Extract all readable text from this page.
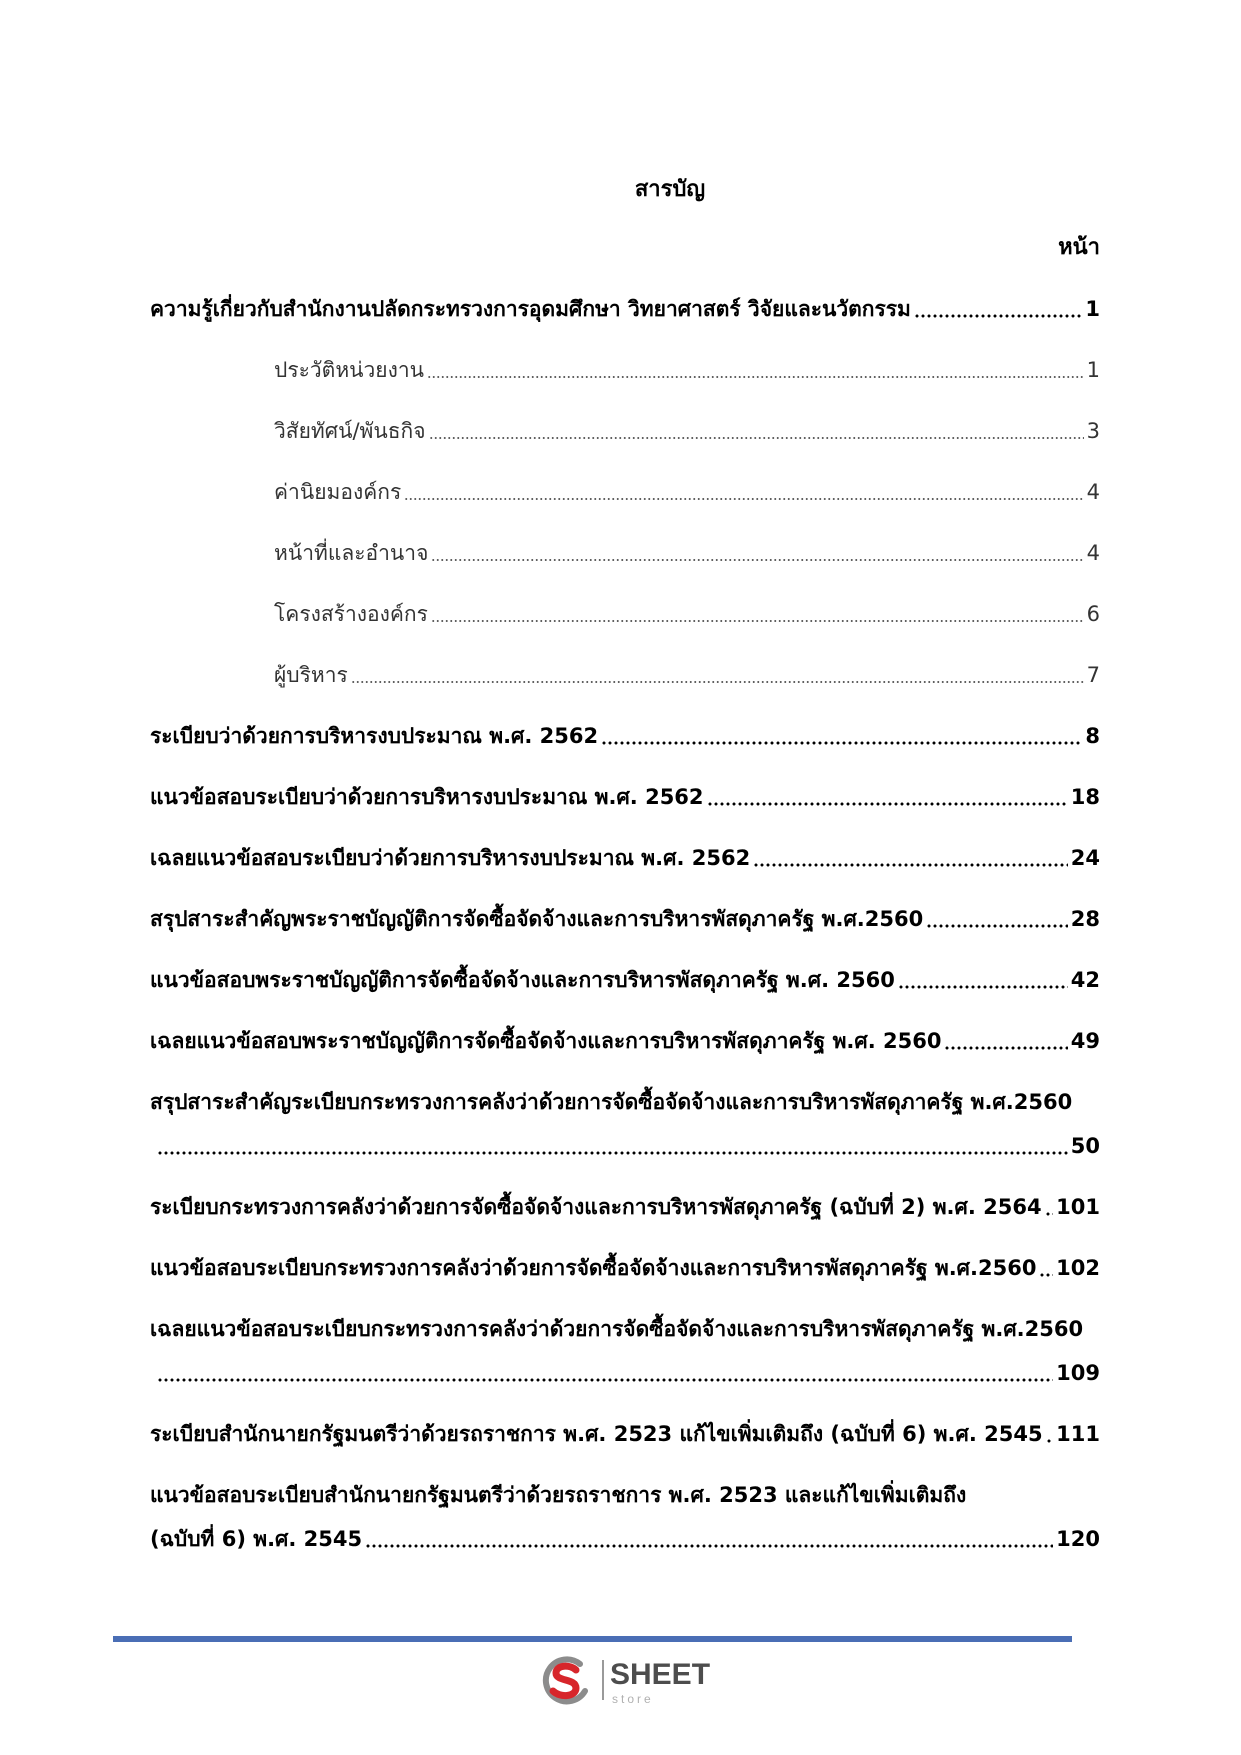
สารบัญ
หน้า
ความรู้เกี่ยวกับสำนักงานปลัดกระทรวงการอุดมศึกษา วิทยาศาสตร์ วิจัยและนวัตกรรม	1
ประวัติหน่วยงาน	1
วิสัยทัศน์/พันธกิจ	3
ค่านิยมองค์กร	4
หน้าที่และอำนาจ	4
โครงสร้างองค์กร	6
ผู้บริหาร	7
ระเบียบว่าด้วยการบริหารงบประมาณ พ.ศ. 2562	8
แนวข้อสอบระเบียบว่าด้วยการบริหารงบประมาณ พ.ศ. 2562	18
เฉลยแนวข้อสอบระเบียบว่าด้วยการบริหารงบประมาณ พ.ศ. 2562	24
สรุปสาระสำคัญพระราชบัญญัติการจัดซื้อจัดจ้างและการบริหารพัสดุภาครัฐ พ.ศ.2560	28
แนวข้อสอบพระราชบัญญัติการจัดซื้อจัดจ้างและการบริหารพัสดุภาครัฐ พ.ศ. 2560	42
เฉลยแนวข้อสอบพระราชบัญญัติการจัดซื้อจัดจ้างและการบริหารพัสดุภาครัฐ พ.ศ. 2560	49
สรุปสาระสำคัญระเบียบกระทรวงการคลังว่าด้วยการจัดซื้อจัดจ้างและการบริหารพัสดุภาครัฐ พ.ศ.2560
50
ระเบียบกระทรวงการคลังว่าด้วยการจัดซื้อจัดจ้างและการบริหารพัสดุภาครัฐ (ฉบับที่ 2) พ.ศ. 2564 101
แนวข้อสอบระเบียบกระทรวงการคลังว่าด้วยการจัดซื้อจัดจ้างและการบริหารพัสดุภาครัฐ พ.ศ.2560 102
เฉลยแนวข้อสอบระเบียบกระทรวงการคลังว่าด้วยการจัดซื้อจัดจ้างและการบริหารพัสดุภาครัฐ พ.ศ.2560
109
ระเบียบสำนักนายกรัฐมนตรีว่าด้วยรถราชการ พ.ศ. 2523 แก้ไขเพิ่มเติมถึง (ฉบับที่ 6) พ.ศ. 2545 111
แนวข้อสอบระเบียบสำนักนายกรัฐมนตรีว่าด้วยรถราชการ พ.ศ. 2523 และแก้ไขเพิ่มเติมถึง
(ฉบับที่ 6) พ.ศ. 2545	120
SHEET
store
